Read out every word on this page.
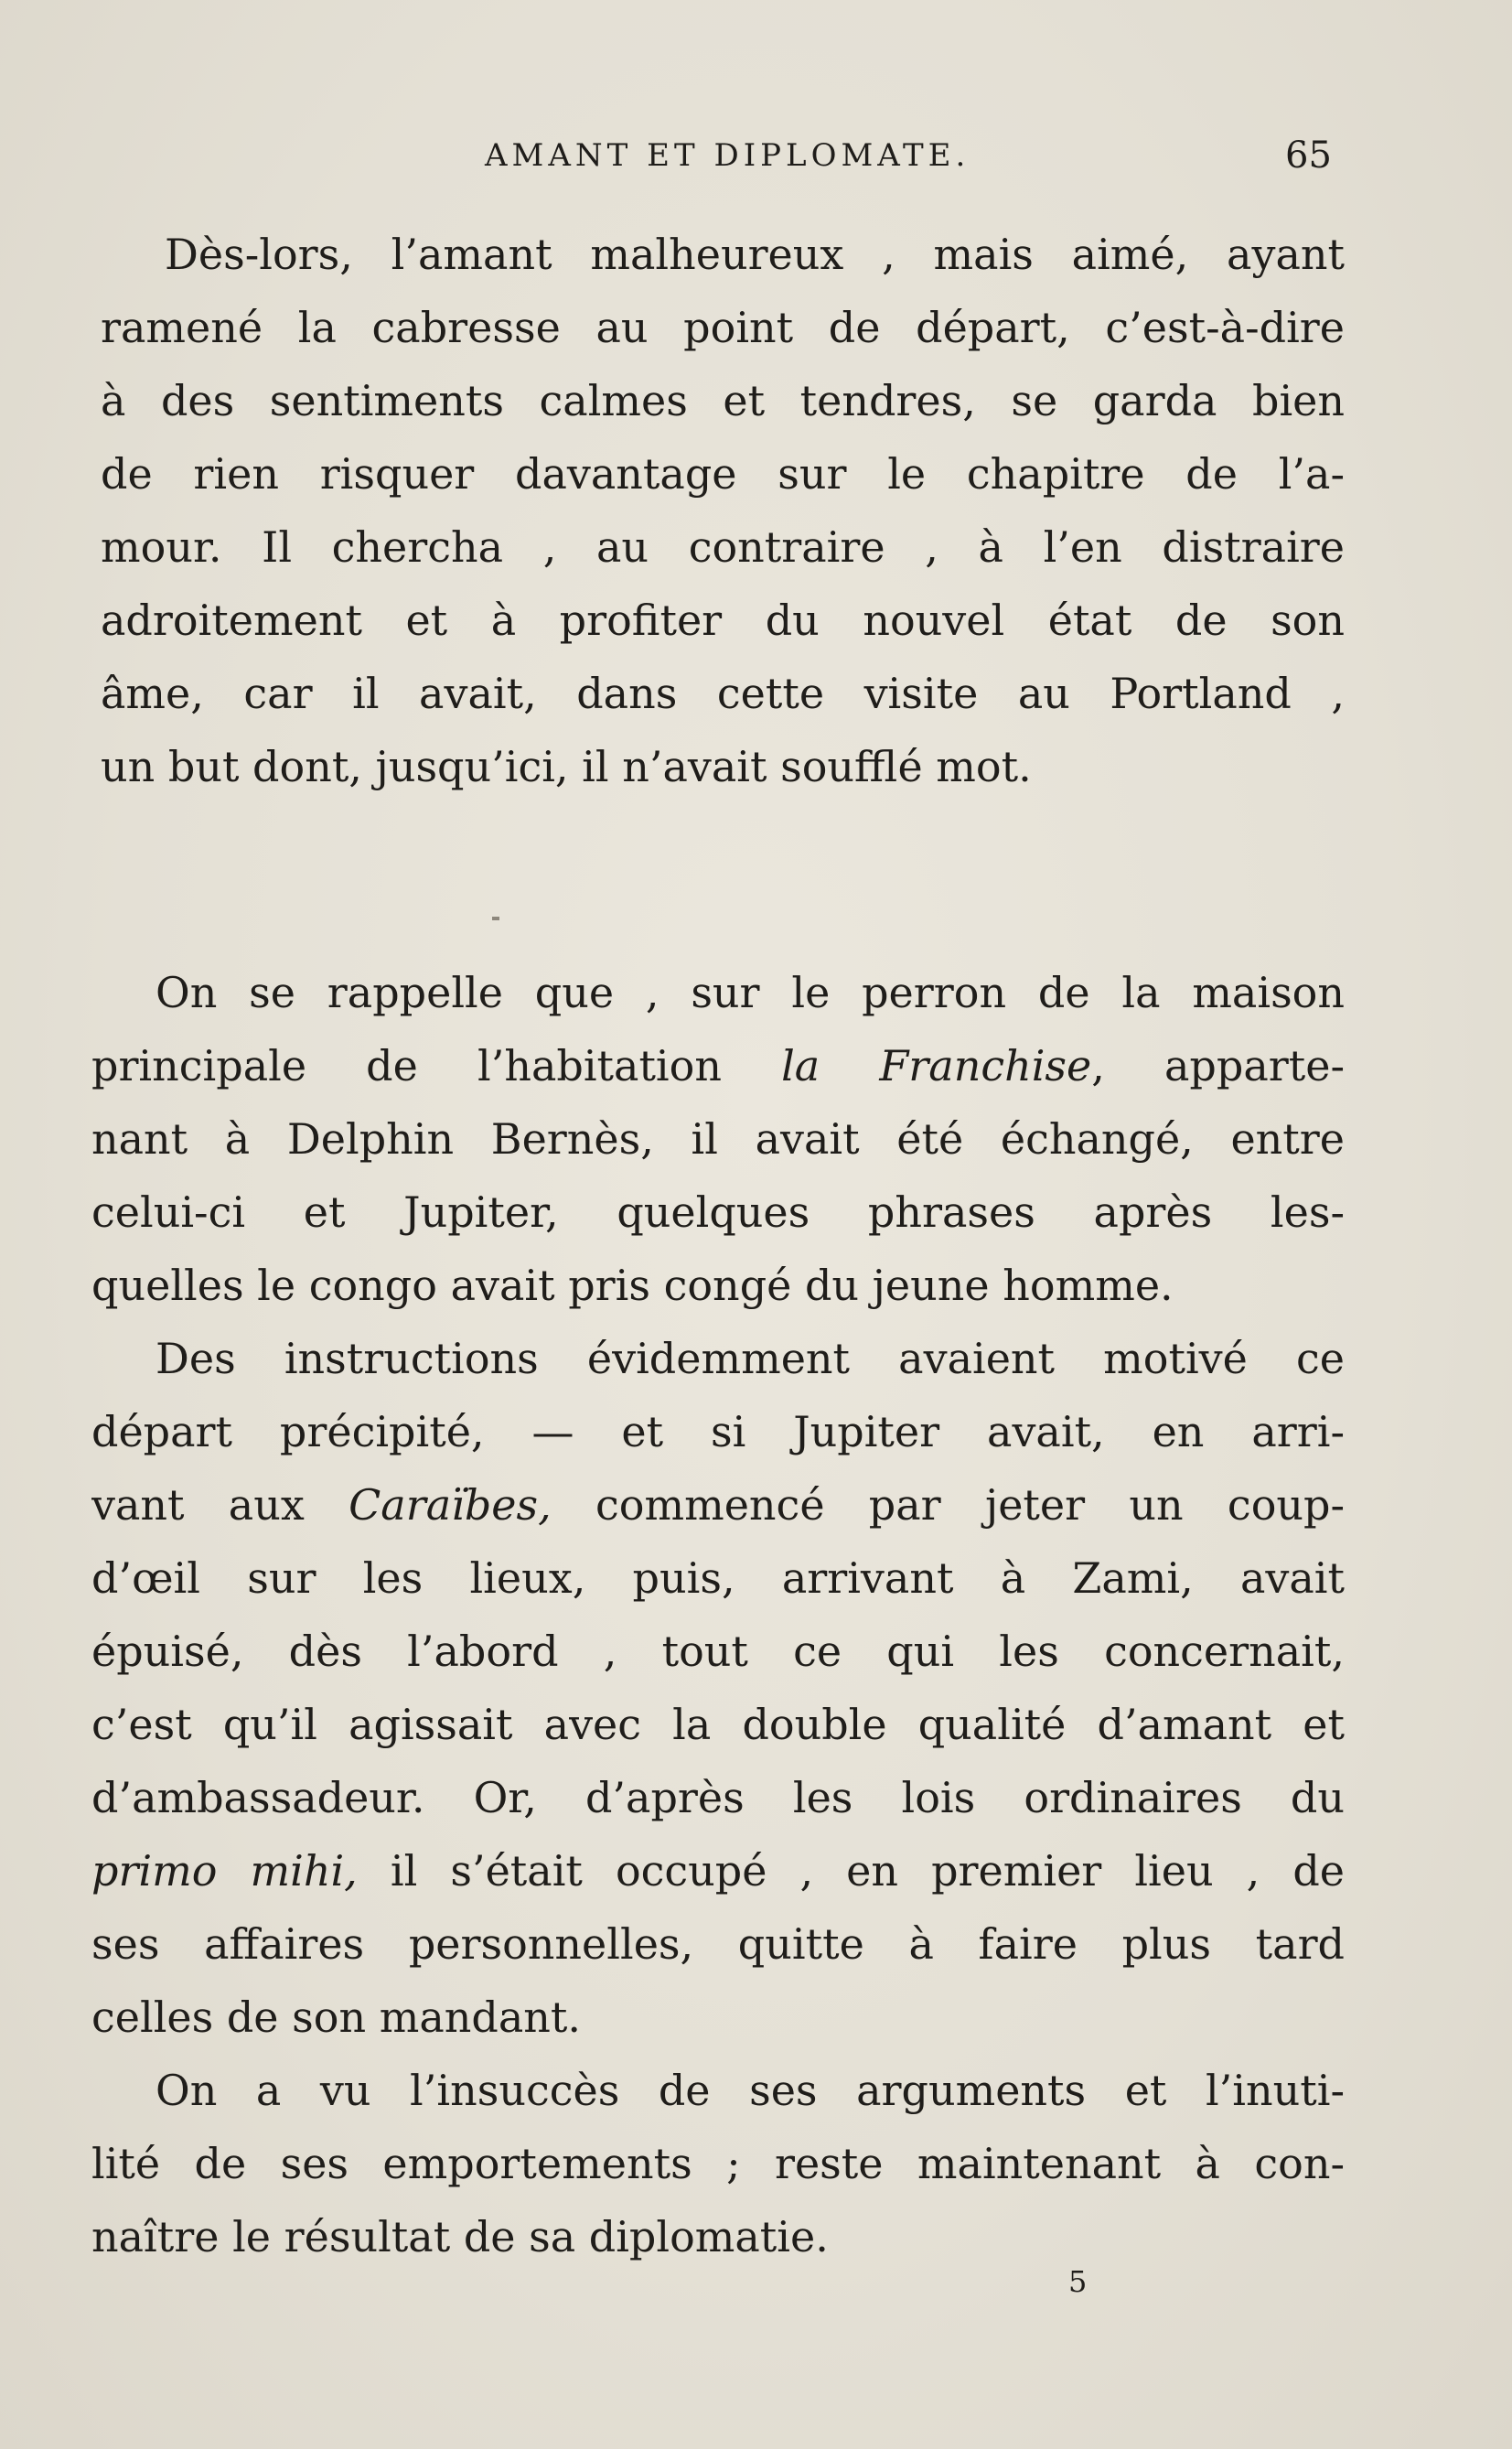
AMANT ET DIPLOMATE.	65
Dès-lors, l’amant malheureux , mais aimé, ayant
ramené la cabresse au point de départ, c’est-à-dire
à des sentiments calmes et tendres, se garda bien
de rien risquer davantage sur le chapitre de l’a-
mour. Il chercha , au contraire , à l’en distraire
adroitement et à profiter du nouvel état de son
âme, car il avait, dans cette visite au Portland ,
un but dont, jusqu’ici, il n’avait soufflé mot.
On se rappelle que , sur le perron de la maison
principale de l’habitation la Franchise, apparte-
nant à Delphin Bernès, il avait été échangé, entre
celui-ci et Jupiter, quelques phrases après les-
quelles le congo avait pris congé du jeune homme.
Des instructions évidemment avaient motivé ce
départ précipité, — et si Jupiter avait, en arri-
vant aux Caraïbes, commencé par jeter un coup-
d’œil sur les lieux, puis, arrivant à Zami, avait
épuisé, dès l’abord , tout ce qui les concernait,
c’est qu’il agissait avec la double qualité d’amant et
d’ambassadeur. Or, d’après les lois ordinaires du
primo mihi, il s’était occupé , en premier lieu , de
ses affaires personnelles, quitte à faire plus tard
celles de son mandant.
On a vu l’insuccès de ses arguments et l’inuti-
lité de ses emportements ; reste maintenant à con-
naître le résultat de sa diplomatie.
5
